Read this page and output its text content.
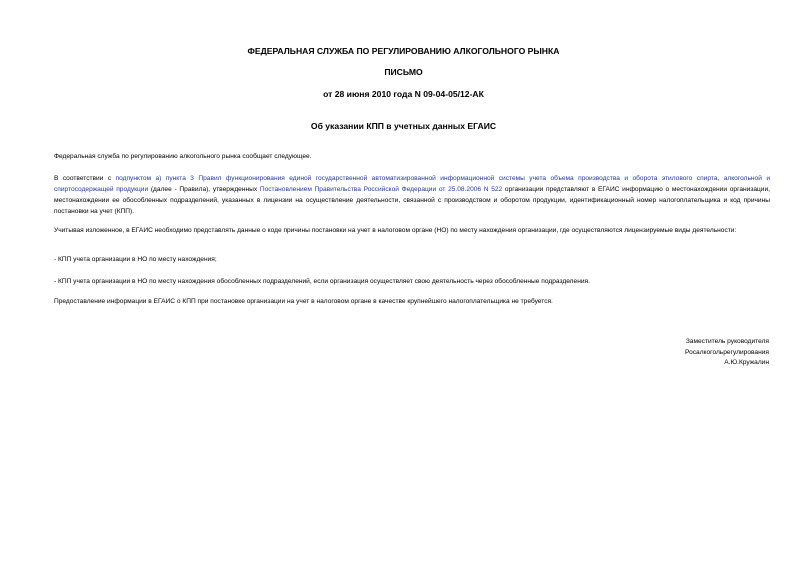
ФЕДЕРАЛЬНАЯ СЛУЖБА ПО РЕГУЛИРОВАНИЮ АЛКОГОЛЬНОГО РЫНКА
ПИСЬМО
от 28 июня 2010 года N 09-04-05/12-АК
Об указании КПП в учетных данных ЕГАИС

Федеральная служба по регулированию алкогольного рынка сообщает следующее.

В соответствии с подпунктом а) пункта 3 Правил функционирования единой государственной автоматизированной информационной системы учета объема производства и оборота этилового спирта, алкогольной и спиртосодержащей продукции (далее - Правила), утвержденных Постановлением Правительства Российской Федерации от 25.08.2006 N 522 организации представляют в ЕГАИС информацию о местонахождении организации, местонахождении ее обособленных подразделений, указанных в лицензии на осуществление деятельности, связанной с производством и оборотом продукции, идентификационный номер налогоплательщика и код причины постановки на учет (КПП).

Учитывая изложенное, в ЕГАИС необходимо представлять данные о коде причины постановки на учет в налоговом органе (НО) по месту нахождения организации, где осуществляются лицензируемые виды деятельности:

- КПП учета организации в НО по месту нахождения;

- КПП учета организации в НО по месту нахождения обособленных подразделений, если организация осуществляет свою деятельность через обособленные подразделения.

Предоставление информации в ЕГАИС о КПП при постановке организации на учет в налоговом органе в качестве крупнейшего налогоплательщика не требуется.

Заместитель руководителя
Росалкогольрегулирования
А.Ю.Кружалин
